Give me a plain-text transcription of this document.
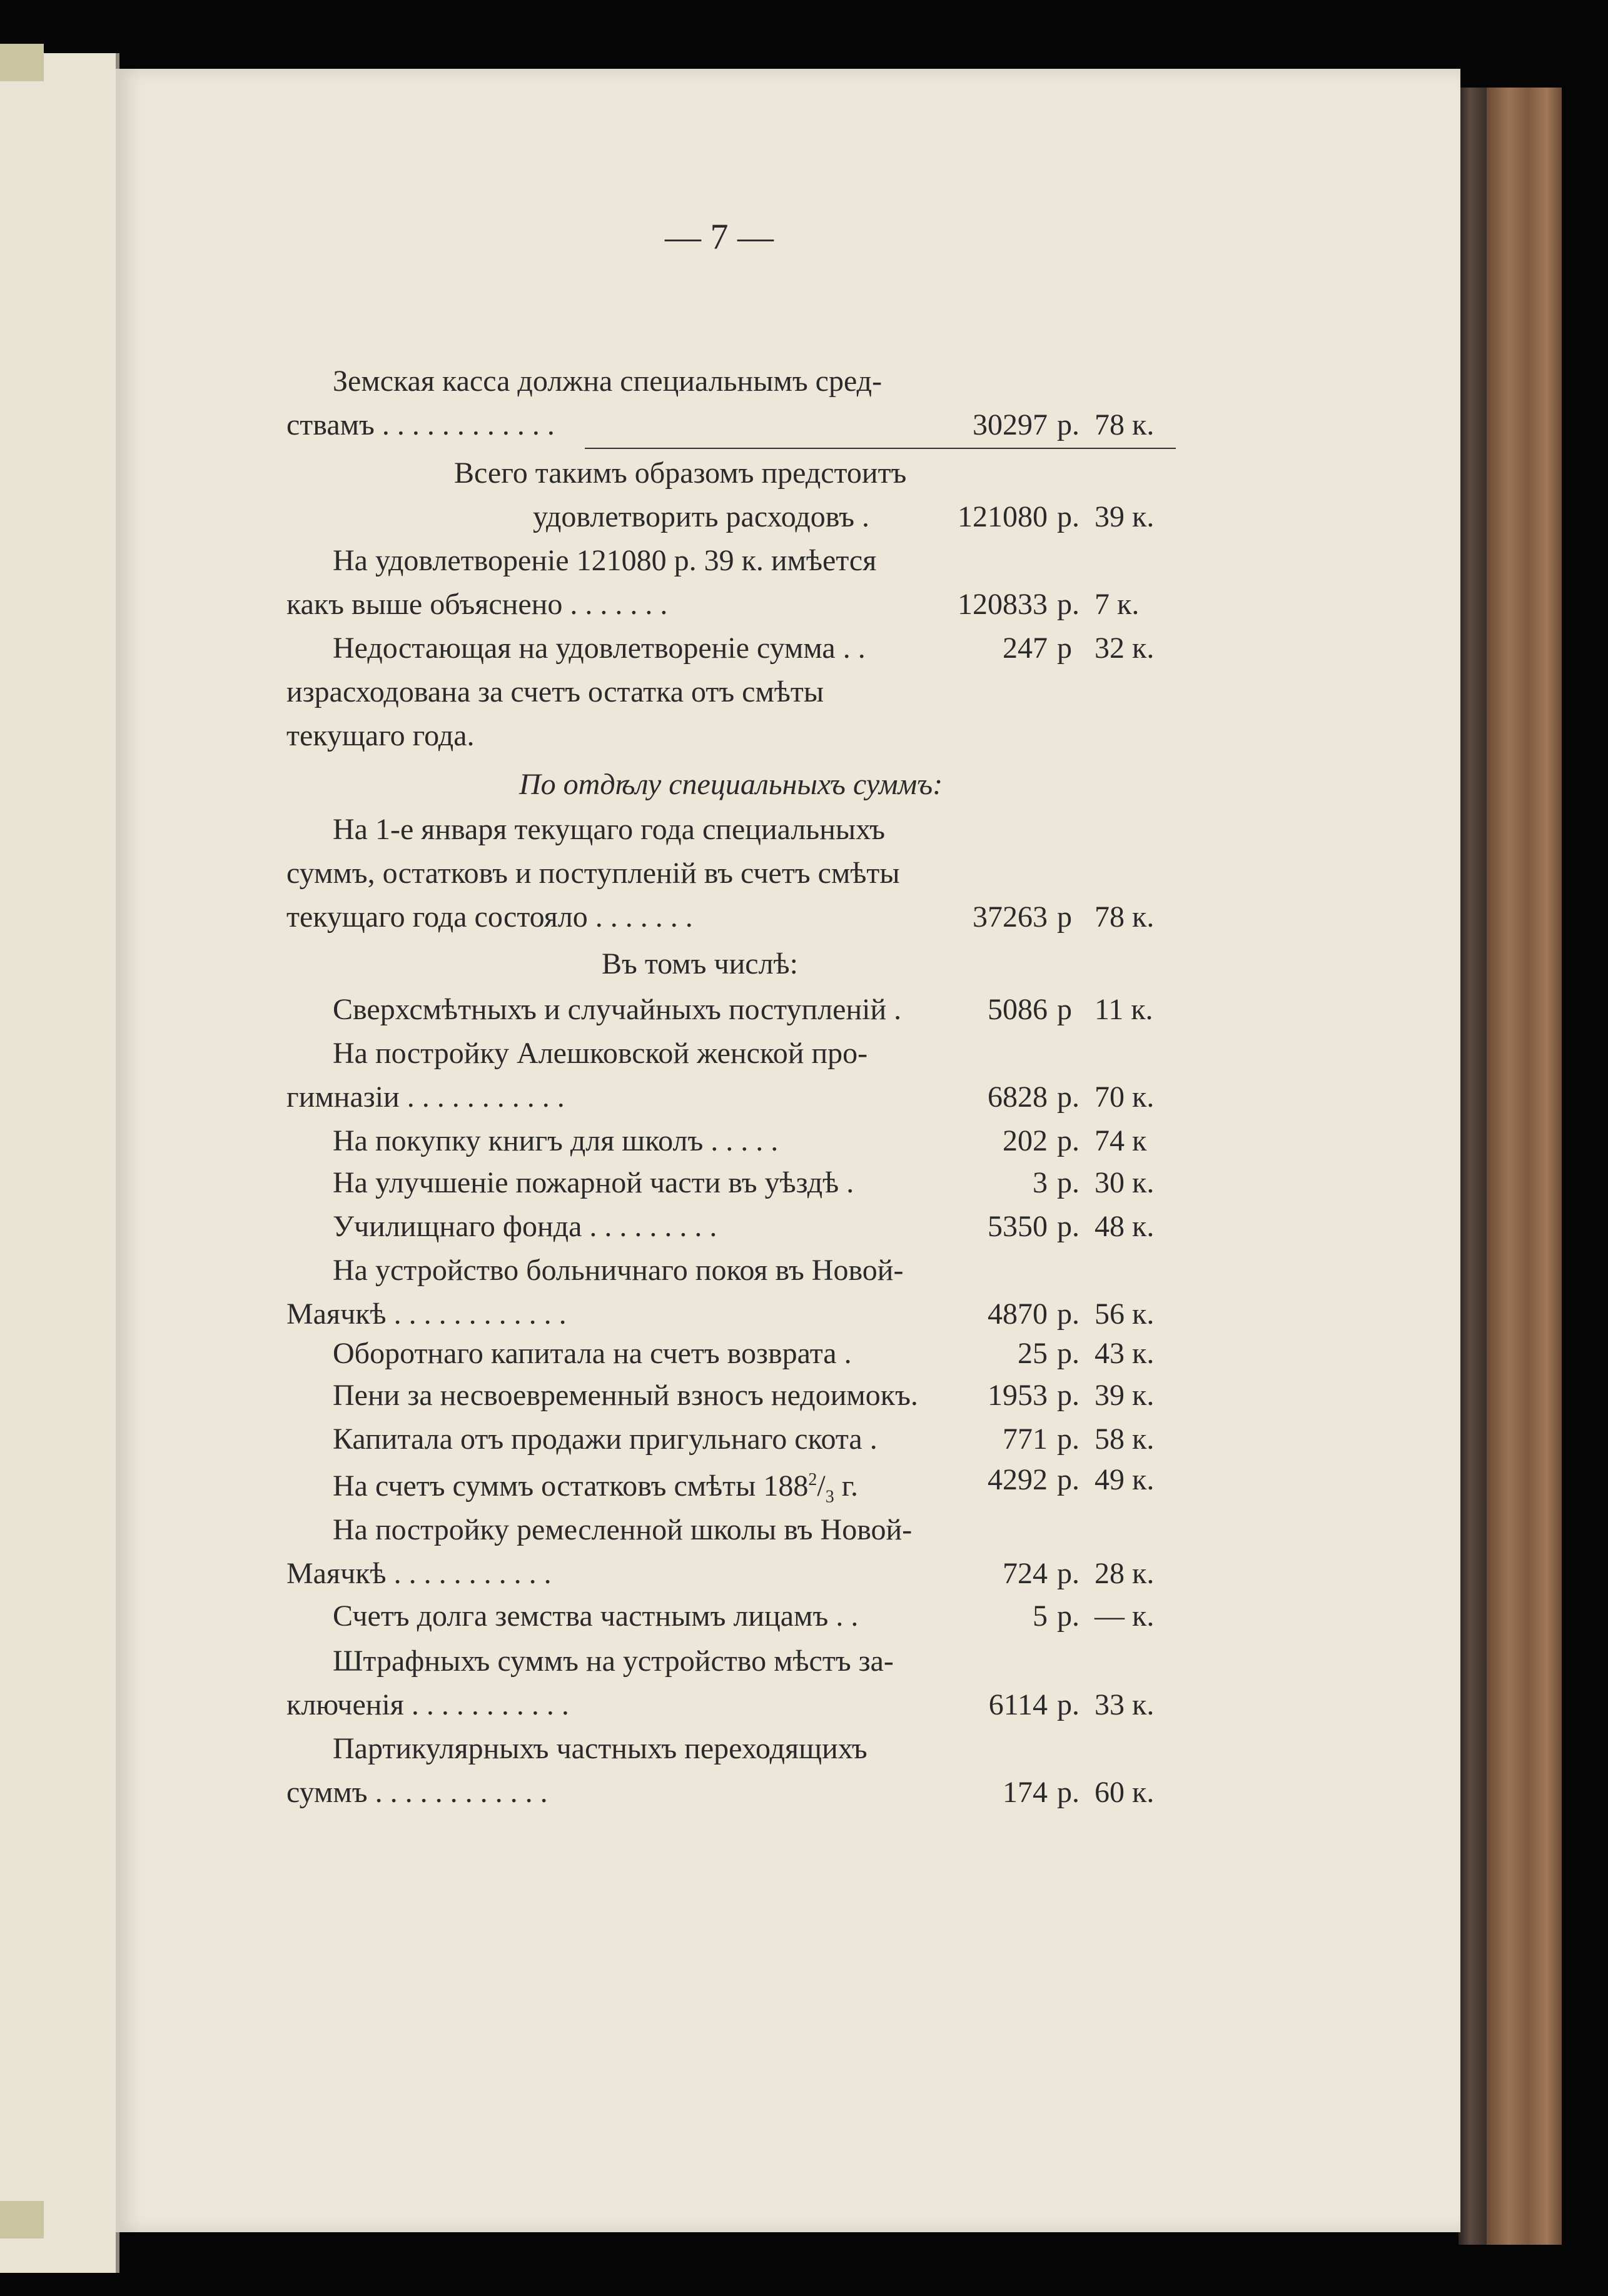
— 7 —
Земская касса должна специальнымъ сред-
ствамъ . . . . . . . . . . . .	30297 р. 78 к.
Всего такимъ образомъ предстоитъ
удовлетворить расходовъ .	121080 р. 39 к.
На удовлетвореніе 121080 р. 39 к. имѣется
какъ выше объяснено . . . . . . .	120833 р. 7 к.
Недостающая на удовлетвореніе сумма . .	247 р 32 к.
израсходована за счетъ остатка отъ смѣты
текущаго года.
По отдѣлу специальныхъ суммъ:
На 1-е января текущаго года специальныхъ
суммъ, остатковъ и поступленій въ счетъ смѣты
текущаго года состояло . . . . . . .	37263 р 78 к.
Въ томъ числѣ:
Сверхсмѣтныхъ и случайныхъ поступленій .	5086 р 11 к.
На постройку Алешковской женской про-
гимназіи . . . . . . . . . . .	6828 р. 70 к.
На покупку книгъ для школъ . . . . .	202 р. 74 к
На улучшеніе пожарной части въ уѣздѣ .	3 р. 30 к.
Училищнаго фонда . . . . . . . . .	5350 р. 48 к.
На устройство больничнаго покоя въ Новой-
Маячкѣ . . . . . . . . . . . .	4870 р. 56 к.
Оборотнаго капитала на счетъ возврата .	25 р. 43 к.
Пени за несвоевременный взносъ недоимокъ. 1953 р. 39 к.
Капитала отъ продажи пригульнаго скота .	771 р. 58 к.
На счетъ суммъ остатковъ смѣты $188^2/_3$ г.	4292 р. 49 к.
На постройку ремесленной школы въ Новой-
Маячкѣ . . . . . . . . . . .	724 р. 28 к.
Счетъ долга земства частнымъ лицамъ . .	5 р. — к.
Штрафныхъ суммъ на устройство мѣстъ за-
ключенія . . . . . . . . . . .	6114 р. 33 к.
Партикулярныхъ частныхъ переходящихъ
суммъ . . . . . . . . . . . .	174 р. 60 к.
